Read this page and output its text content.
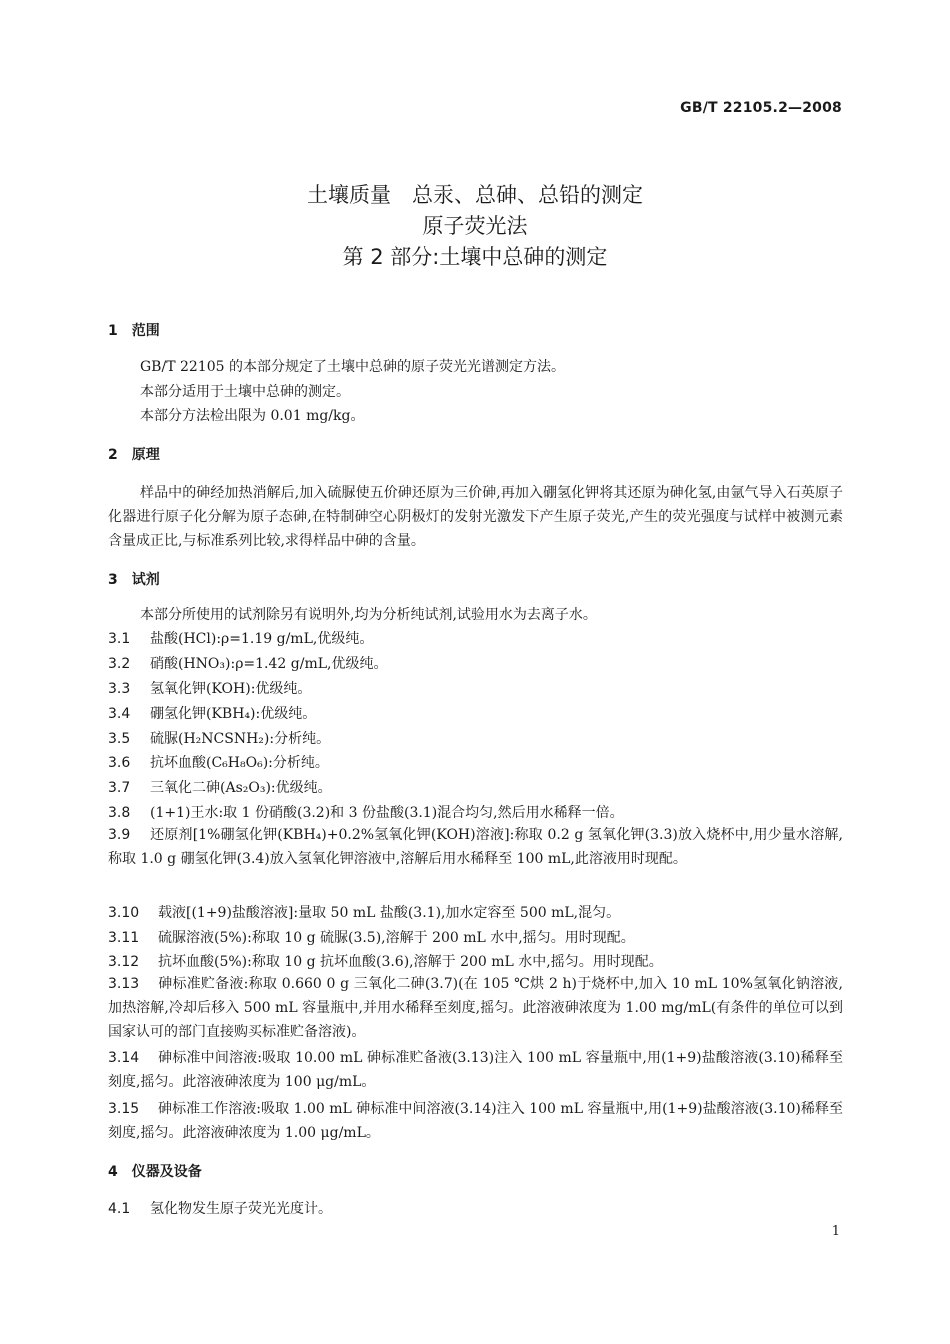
GB/T 22105.2—2008
土壤质量　总汞、总砷、总铅的测定
原子荧光法
第 2 部分:土壤中总砷的测定
1　范围
GB/T 22105 的本部分规定了土壤中总砷的原子荧光光谱测定方法。
本部分适用于土壤中总砷的测定。
本部分方法检出限为 0.01 mg/kg。
2　原理
样品中的砷经加热消解后,加入硫脲使五价砷还原为三价砷,再加入硼氢化钾将其还原为砷化氢,由氩气导入石英原子化器进行原子化分解为原子态砷,在特制砷空心阴极灯的发射光激发下产生原子荧光,产生的荧光强度与试样中被测元素含量成正比,与标准系列比较,求得样品中砷的含量。
3　试剂
本部分所使用的试剂除另有说明外,均为分析纯试剂,试验用水为去离子水。
3.1 盐酸(HCl):ρ=1.19 g/mL,优级纯。
3.2 硝酸(HNO₃):ρ=1.42 g/mL,优级纯。
3.3 氢氧化钾(KOH):优级纯。
3.4 硼氢化钾(KBH₄):优级纯。
3.5 硫脲(H₂NCSNH₂):分析纯。
3.6 抗坏血酸(C₆H₈O₆):分析纯。
3.7 三氧化二砷(As₂O₃):优级纯。
3.8 (1+1)王水:取 1 份硝酸(3.2)和 3 份盐酸(3.1)混合均匀,然后用水稀释一倍。
3.9 还原剂[1%硼氢化钾(KBH₄)+0.2%氢氧化钾(KOH)溶液]:称取 0.2 g 氢氧化钾(3.3)放入烧杯中,用少量水溶解,称取 1.0 g 硼氢化钾(3.4)放入氢氧化钾溶液中,溶解后用水稀释至 100 mL,此溶液用时现配。
3.10 载液[(1+9)盐酸溶液]:量取 50 mL 盐酸(3.1),加水定容至 500 mL,混匀。
3.11 硫脲溶液(5%):称取 10 g 硫脲(3.5),溶解于 200 mL 水中,摇匀。用时现配。
3.12 抗坏血酸(5%):称取 10 g 抗坏血酸(3.6),溶解于 200 mL 水中,摇匀。用时现配。
3.13 砷标准贮备液:称取 0.660 0 g 三氧化二砷(3.7)(在 105 ℃烘 2 h)于烧杯中,加入 10 mL 10%氢氧化钠溶液,加热溶解,冷却后移入 500 mL 容量瓶中,并用水稀释至刻度,摇匀。此溶液砷浓度为 1.00 mg/mL(有条件的单位可以到国家认可的部门直接购买标准贮备溶液)。
3.14 砷标准中间溶液:吸取 10.00 mL 砷标准贮备液(3.13)注入 100 mL 容量瓶中,用(1+9)盐酸溶液(3.10)稀释至刻度,摇匀。此溶液砷浓度为 100 μg/mL。
3.15 砷标准工作溶液:吸取 1.00 mL 砷标准中间溶液(3.14)注入 100 mL 容量瓶中,用(1+9)盐酸溶液(3.10)稀释至刻度,摇匀。此溶液砷浓度为 1.00 μg/mL。
4　仪器及设备
4.1 氢化物发生原子荧光光度计。
1
